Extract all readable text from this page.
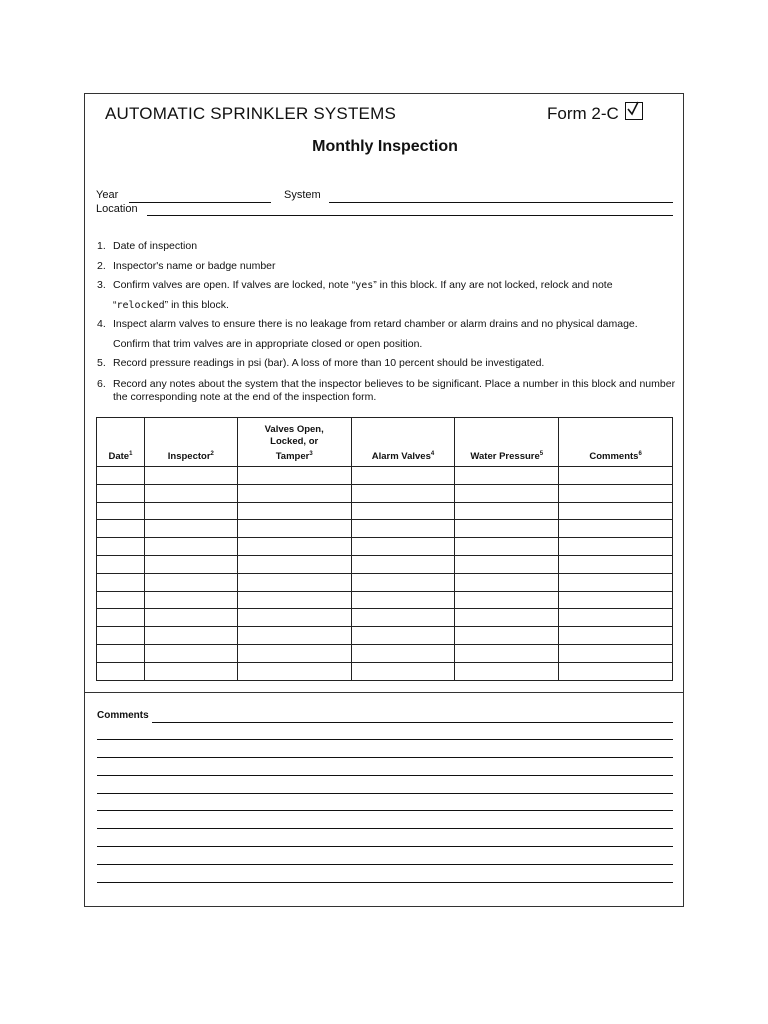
AUTOMATIC SPRINKLER SYSTEMS	Form 2-C
Monthly Inspection
Year	System
Location
1. Date of inspection
2. Inspector's name or badge number
3. Confirm valves are open. If valves are locked, note “yes” in this block. If any are not locked, relock and note
“relocked” in this block.
4. Inspect alarm valves to ensure there is no leakage from retard chamber or alarm drains and no physical damage.
Confirm that trim valves are in appropriate closed or open position.
5. Record pressure readings in psi (bar). A loss of more than 10 percent should be investigated.
6. Record any notes about the system that the inspector believes to be significant. Place a number in this block and number the corresponding note at the end of the inspection form.
Date$^1$	Inspector$^2$	Valves Open, Locked, or Tamper$^3$	Alarm Valves$^4$	Water Pressure$^5$	Comments$^6$

Comments
